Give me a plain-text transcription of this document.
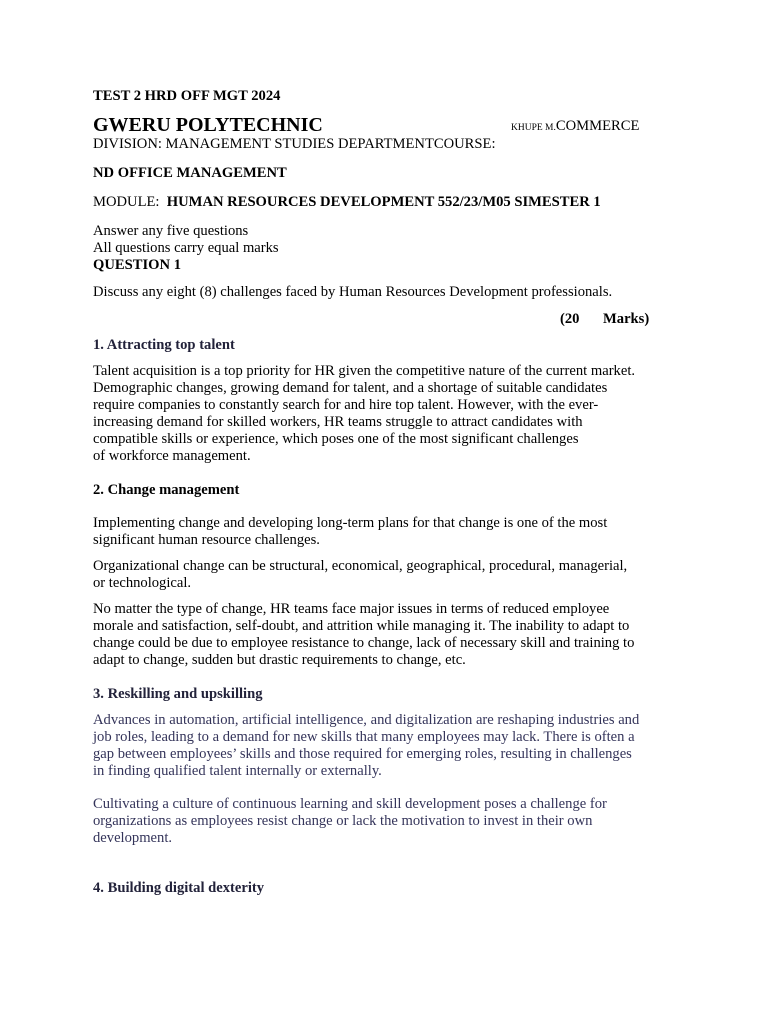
TEST 2 HRD OFF MGT 2024
GWERU POLYTECHNIC	KHUPE M.COMMERCE
DIVISION: MANAGEMENT STUDIES DEPARTMENTCOURSE:
ND OFFICE MANAGEMENT
MODULE: HUMAN RESOURCES DEVELOPMENT 552/23/M05 SIMESTER 1
Answer any five questions
All questions carry equal marks
QUESTION 1
Discuss any eight (8) challenges faced by Human Resources Development professionals.
(20 Marks)
1. Attracting top talent
Talent acquisition is a top priority for HR given the competitive nature of the current market.
Demographic changes, growing demand for talent, and a shortage of suitable candidates
require companies to constantly search for and hire top talent. However, with the ever-
increasing demand for skilled workers, HR teams struggle to attract candidates with
compatible skills or experience, which poses one of the most significant challenges
of workforce management.
2. Change management
Implementing change and developing long-term plans for that change is one of the most
significant human resource challenges.
Organizational change can be structural, economical, geographical, procedural, managerial,
or technological.
No matter the type of change, HR teams face major issues in terms of reduced employee
morale and satisfaction, self-doubt, and attrition while managing it. The inability to adapt to
change could be due to employee resistance to change, lack of necessary skill and training to
adapt to change, sudden but drastic requirements to change, etc.
3. Reskilling and upskilling
Advances in automation, artificial intelligence, and digitalization are reshaping industries and
job roles, leading to a demand for new skills that many employees may lack. There is often a
gap between employees’ skills and those required for emerging roles, resulting in challenges
in finding qualified talent internally or externally.
Cultivating a culture of continuous learning and skill development poses a challenge for
organizations as employees resist change or lack the motivation to invest in their own
development.
4. Building digital dexterity
